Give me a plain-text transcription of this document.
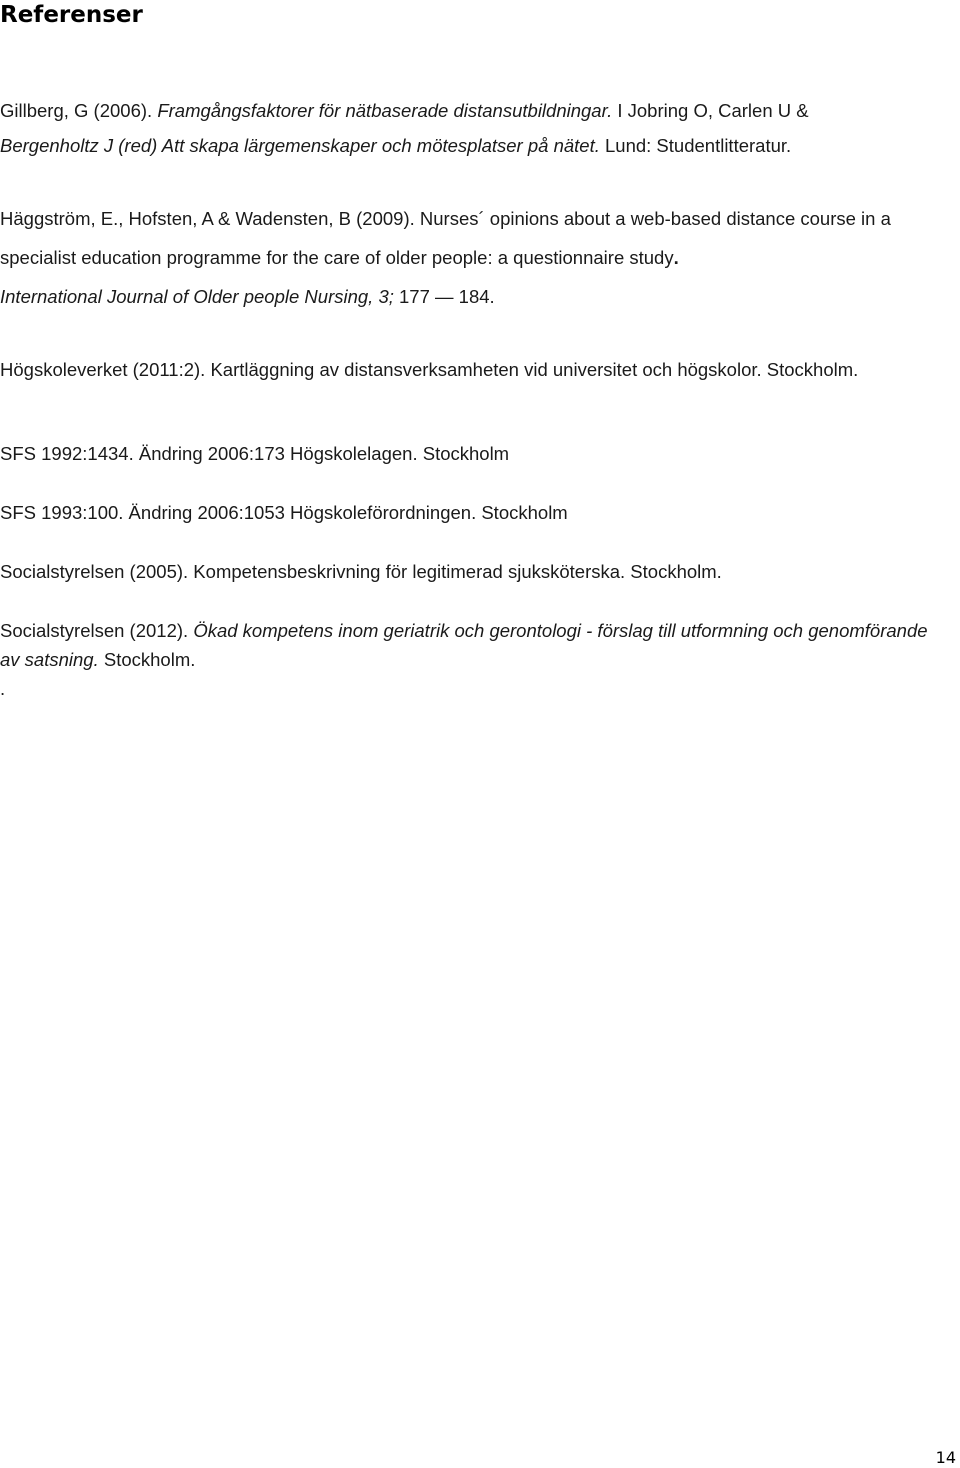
Referenser

Gillberg, G (2006). Framgångsfaktorer för nätbaserade distansutbildningar. I Jobring O, Carlen U &
Bergenholtz J (red) Att skapa lärgemenskaper och mötesplatser på nätet. Lund: Studentlitteratur.

Häggström, E., Hofsten, A & Wadensten, B (2009). Nurses´ opinions about a web-based distance course in a specialist education programme for the care of older people: a questionnaire study.
International Journal of Older people Nursing, 3; 177 — 184.

Högskoleverket (2011:2). Kartläggning av distansverksamheten vid universitet och högskolor. Stockholm.

SFS 1992:1434. Ändring 2006:173 Högskolelagen. Stockholm

SFS 1993:100. Ändring 2006:1053 Högskoleförordningen. Stockholm

Socialstyrelsen (2005). Kompetensbeskrivning för legitimerad sjuksköterska. Stockholm.

Socialstyrelsen (2012). Ökad kompetens inom geriatrik och gerontologi - förslag till utformning och genomförande av satsning. Stockholm.
.

14
